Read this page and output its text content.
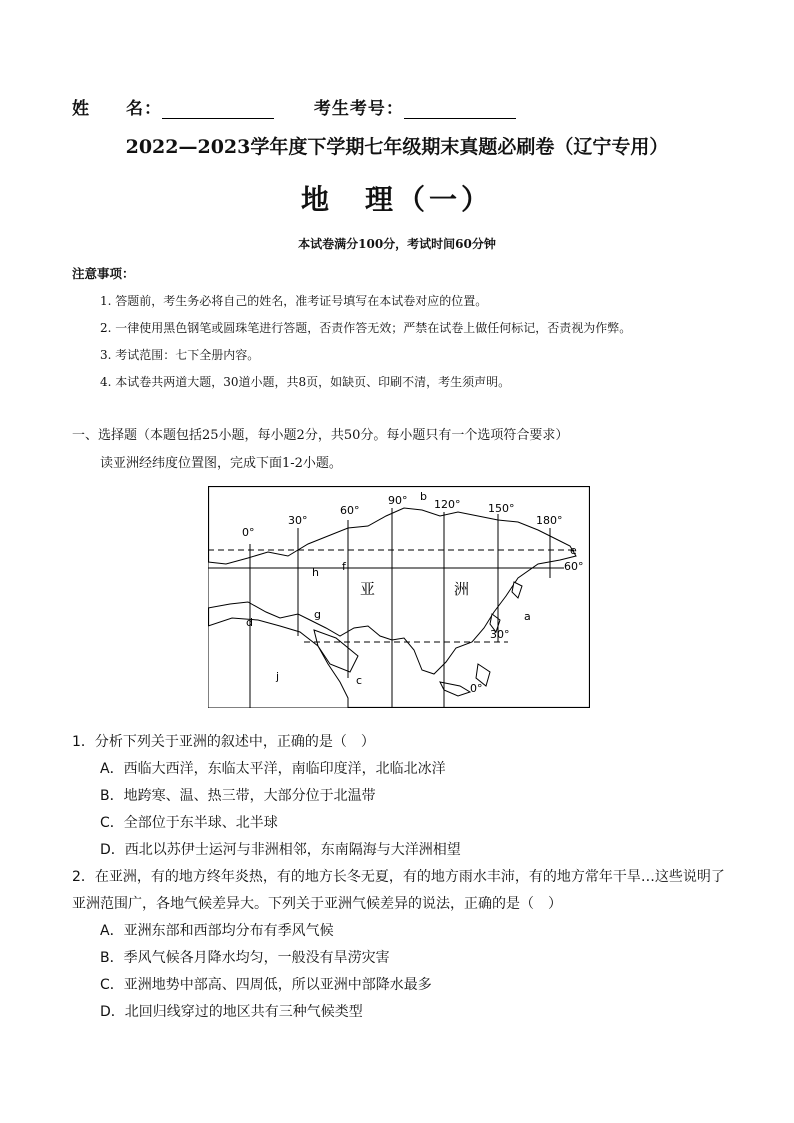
姓　　名：	考生考号：
2022—2023学年度下学期七年级期末真题必刷卷（辽宁专用）
地　理（一）
本试卷满分100分，考试时间60分钟
注意事项：
1. 答题前，考生务必将自己的姓名，准考证号填写在本试卷对应的位置。
2. 一律使用黑色钢笔或圆珠笔进行答题，否责作答无效；严禁在试卷上做任何标记，否责视为作弊。
3. 考试范围：七下全册内容。
4. 本试卷共两道大题，30道小题，共8页，如缺页、印刷不清，考生须声明。
一、选择题（本题包括25小题，每小题2分，共50分。每小题只有一个选项符合要求）
读亚洲经纬度位置图，完成下面1-2小题。
0°
30°
60°
90° 120°	150°
180°
60°
30°
0°
a
b
c
d
e
f
g
h
j
亚	洲
1．分析下列关于亚洲的叙述中，正确的是（　）
A．西临大西洋，东临太平洋，南临印度洋，北临北冰洋
B．地跨寒、温、热三带，大部分位于北温带
C．全部位于东半球、北半球
D．西北以苏伊士运河与非洲相邻，东南隔海与大洋洲相望
2．在亚洲，有的地方终年炎热，有的地方长冬无夏，有的地方雨水丰沛，有的地方常年干旱…这些说明了
亚洲范围广，各地气候差异大。下列关于亚洲气候差异的说法，正确的是（　）
A．亚洲东部和西部均分布有季风气候
B．季风气候各月降水均匀，一般没有旱涝灾害
C．亚洲地势中部高、四周低，所以亚洲中部降水最多
D．北回归线穿过的地区共有三种气候类型
